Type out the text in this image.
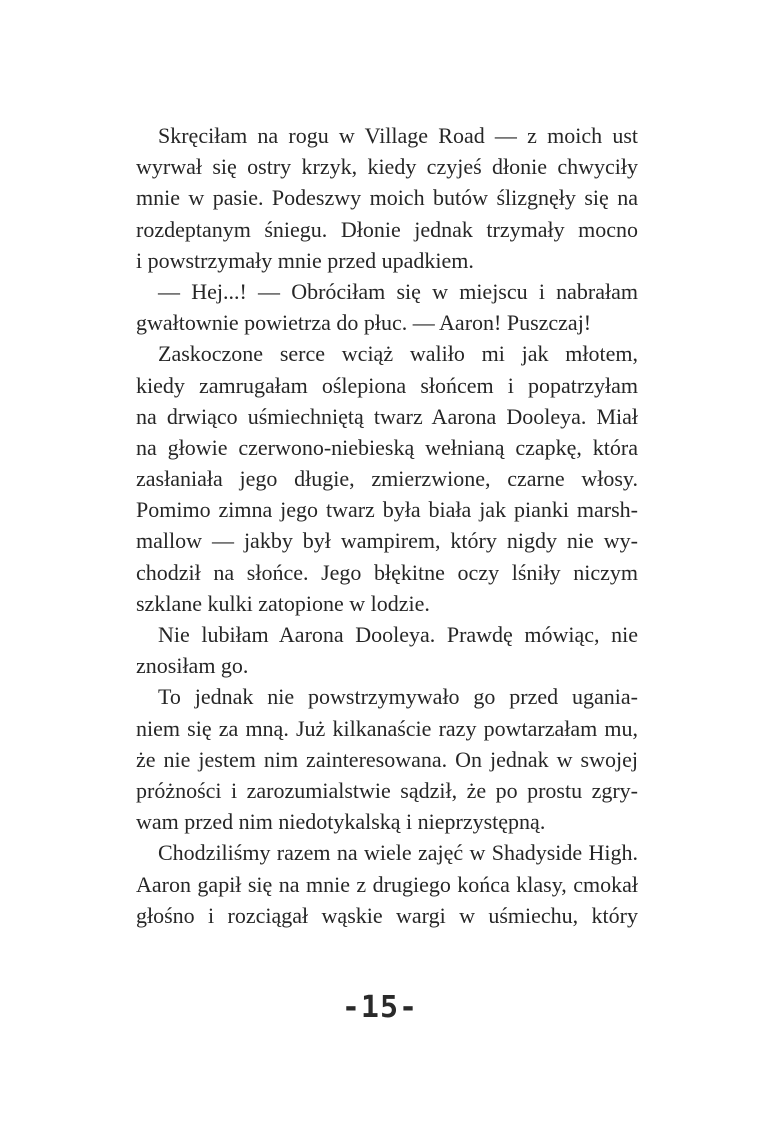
Skręciłam na rogu w Village Road — z moich ust
wyrwał się ostry krzyk, kiedy czyjeś dłonie chwyciły
mnie w pasie. Podeszwy moich butów ślizgnęły się na
rozdeptanym śniegu. Dłonie jednak trzymały mocno
i powstrzymały mnie przed upadkiem.
— Hej...! — Obróciłam się w miejscu i nabrałam
gwałtownie powietrza do płuc. — Aaron! Puszczaj!
Zaskoczone serce wciąż waliło mi jak młotem,
kiedy zamrugałam oślepiona słońcem i popatrzyłam
na drwiąco uśmiechniętą twarz Aarona Dooleya. Miał
na głowie czerwono-niebieską wełnianą czapkę, która
zasłaniała jego długie, zmierzwione, czarne włosy.
Pomimo zimna jego twarz była biała jak pianki marsh-
mallow — jakby był wampirem, który nigdy nie wy-
chodził na słońce. Jego błękitne oczy lśniły niczym
szklane kulki zatopione w lodzie.
Nie lubiłam Aarona Dooleya. Prawdę mówiąc, nie
znosiłam go.
To jednak nie powstrzymywało go przed ugania-
niem się za mną. Już kilkanaście razy powtarzałam mu,
że nie jestem nim zainteresowana. On jednak w swojej
próżności i zarozumialstwie sądził, że po prostu zgry-
wam przed nim niedotykalską i nieprzystępną.
Chodziliśmy razem na wiele zajęć w Shadyside High.
Aaron gapił się na mnie z drugiego końca klasy, cmokał
głośno i rozciągał wąskie wargi w uśmiechu, który
-15-
